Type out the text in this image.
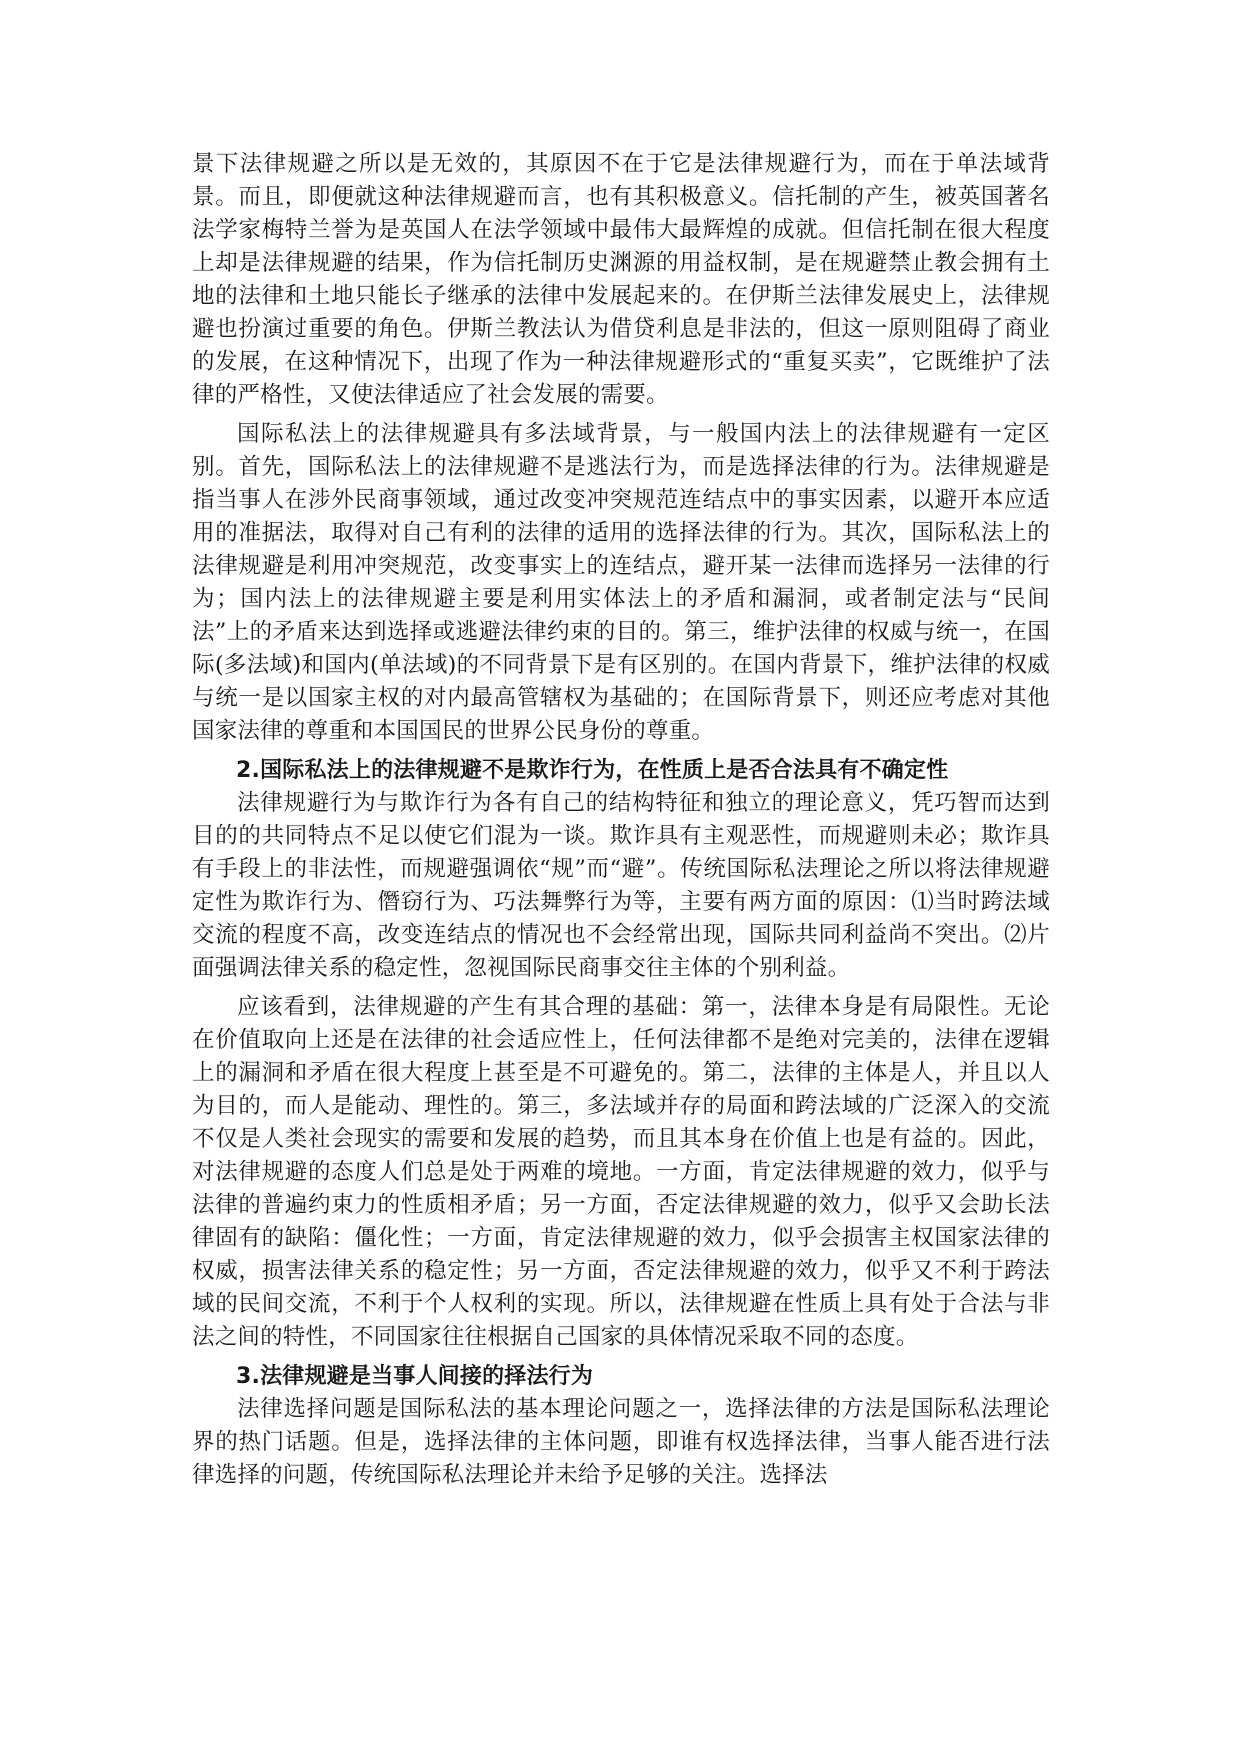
景下法律规避之所以是无效的，其原因不在于它是法律规避行为，而在于单法域背景。而且，即便就这种法律规避而言，也有其积极意义。信托制的产生，被英国著名法学家梅特兰誉为是英国人在法学领域中最伟大最辉煌的成就。但信托制在很大程度上却是法律规避的结果，作为信托制历史渊源的用益权制，是在规避禁止教会拥有土地的法律和土地只能长子继承的法律中发展起来的。在伊斯兰法律发展史上，法律规避也扮演过重要的角色。伊斯兰教法认为借贷利息是非法的，但这一原则阻碍了商业的发展，在这种情况下，出现了作为一种法律规避形式的“重复买卖”，它既维护了法律的严格性，又使法律适应了社会发展的需要。

国际私法上的法律规避具有多法域背景，与一般国内法上的法律规避有一定区别。首先，国际私法上的法律规避不是逃法行为，而是选择法律的行为。法律规避是指当事人在涉外民商事领域，通过改变冲突规范连结点中的事实因素，以避开本应适用的准据法，取得对自己有利的法律的适用的选择法律的行为。其次，国际私法上的法律规避是利用冲突规范，改变事实上的连结点，避开某一法律而选择另一法律的行为；国内法上的法律规避主要是利用实体法上的矛盾和漏洞，或者制定法与“民间法”上的矛盾来达到选择或逃避法律约束的目的。第三，维护法律的权威与统一，在国际(多法域)和国内(单法域)的不同背景下是有区别的。在国内背景下，维护法律的权威与统一是以国家主权的对内最高管辖权为基础的；在国际背景下，则还应考虑对其他国家法律的尊重和本国国民的世界公民身份的尊重。

2.国际私法上的法律规避不是欺诈行为，在性质上是否合法具有不确定性

法律规避行为与欺诈行为各有自己的结构特征和独立的理论意义，凭巧智而达到目的的共同特点不足以使它们混为一谈。欺诈具有主观恶性，而规避则未必；欺诈具有手段上的非法性，而规避强调依“规”而“避”。传统国际私法理论之所以将法律规避定性为欺诈行为、僭窃行为、巧法舞弊行为等，主要有两方面的原因：⑴当时跨法域交流的程度不高，改变连结点的情况也不会经常出现，国际共同利益尚不突出。⑵片面强调法律关系的稳定性，忽视国际民商事交往主体的个别利益。

应该看到，法律规避的产生有其合理的基础：第一，法律本身是有局限性。无论在价值取向上还是在法律的社会适应性上，任何法律都不是绝对完美的，法律在逻辑上的漏洞和矛盾在很大程度上甚至是不可避免的。第二，法律的主体是人，并且以人为目的，而人是能动、理性的。第三，多法域并存的局面和跨法域的广泛深入的交流不仅是人类社会现实的需要和发展的趋势，而且其本身在价值上也是有益的。因此，对法律规避的态度人们总是处于两难的境地。一方面，肯定法律规避的效力，似乎与法律的普遍约束力的性质相矛盾；另一方面，否定法律规避的效力，似乎又会助长法律固有的缺陷：僵化性；一方面，肯定法律规避的效力，似乎会损害主权国家法律的权威，损害法律关系的稳定性；另一方面，否定法律规避的效力，似乎又不利于跨法域的民间交流，不利于个人权利的实现。所以，法律规避在性质上具有处于合法与非法之间的特性，不同国家往往根据自己国家的具体情况采取不同的态度。

3.法律规避是当事人间接的择法行为

法律选择问题是国际私法的基本理论问题之一，选择法律的方法是国际私法理论界的热门话题。但是，选择法律的主体问题，即谁有权选择法律，当事人能否进行法律选择的问题，传统国际私法理论并未给予足够的关注。选择法
